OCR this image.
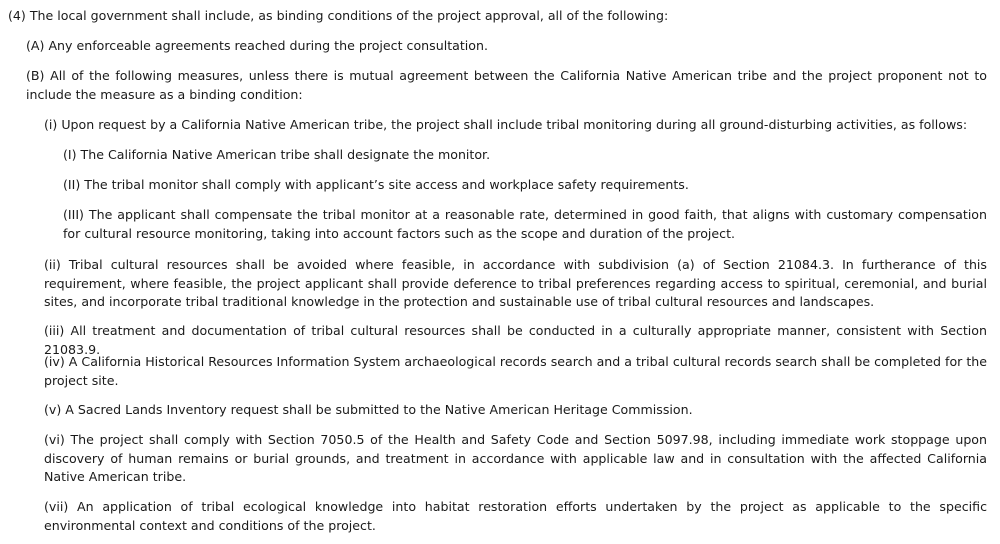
(4) The local government shall include, as binding conditions of the project approval, all of the following:

(A) Any enforceable agreements reached during the project consultation.

(B) All of the following measures, unless there is mutual agreement between the California Native American tribe and the project proponent not to include the measure as a binding condition:

(i) Upon request by a California Native American tribe, the project shall include tribal monitoring during all ground-disturbing activities, as follows:

(I) The California Native American tribe shall designate the monitor.

(II) The tribal monitor shall comply with applicant’s site access and workplace safety requirements.

(III) The applicant shall compensate the tribal monitor at a reasonable rate, determined in good faith, that aligns with customary compensation for cultural resource monitoring, taking into account factors such as the scope and duration of the project.

(ii) Tribal cultural resources shall be avoided where feasible, in accordance with subdivision (a) of Section 21084.3. In furtherance of this requirement, where feasible, the project applicant shall provide deference to tribal preferences regarding access to spiritual, ceremonial, and burial sites, and incorporate tribal traditional knowledge in the protection and sustainable use of tribal cultural resources and landscapes.

(iii) All treatment and documentation of tribal cultural resources shall be conducted in a culturally appropriate manner, consistent with Section 21083.9.

(iv) A California Historical Resources Information System archaeological records search and a tribal cultural records search shall be completed for the project site.

(v) A Sacred Lands Inventory request shall be submitted to the Native American Heritage Commission.

(vi) The project shall comply with Section 7050.5 of the Health and Safety Code and Section 5097.98, including immediate work stoppage upon discovery of human remains or burial grounds, and treatment in accordance with applicable law and in consultation with the affected California Native American tribe.

(vii) An application of tribal ecological knowledge into habitat restoration efforts undertaken by the project as applicable to the specific environmental context and conditions of the project.
